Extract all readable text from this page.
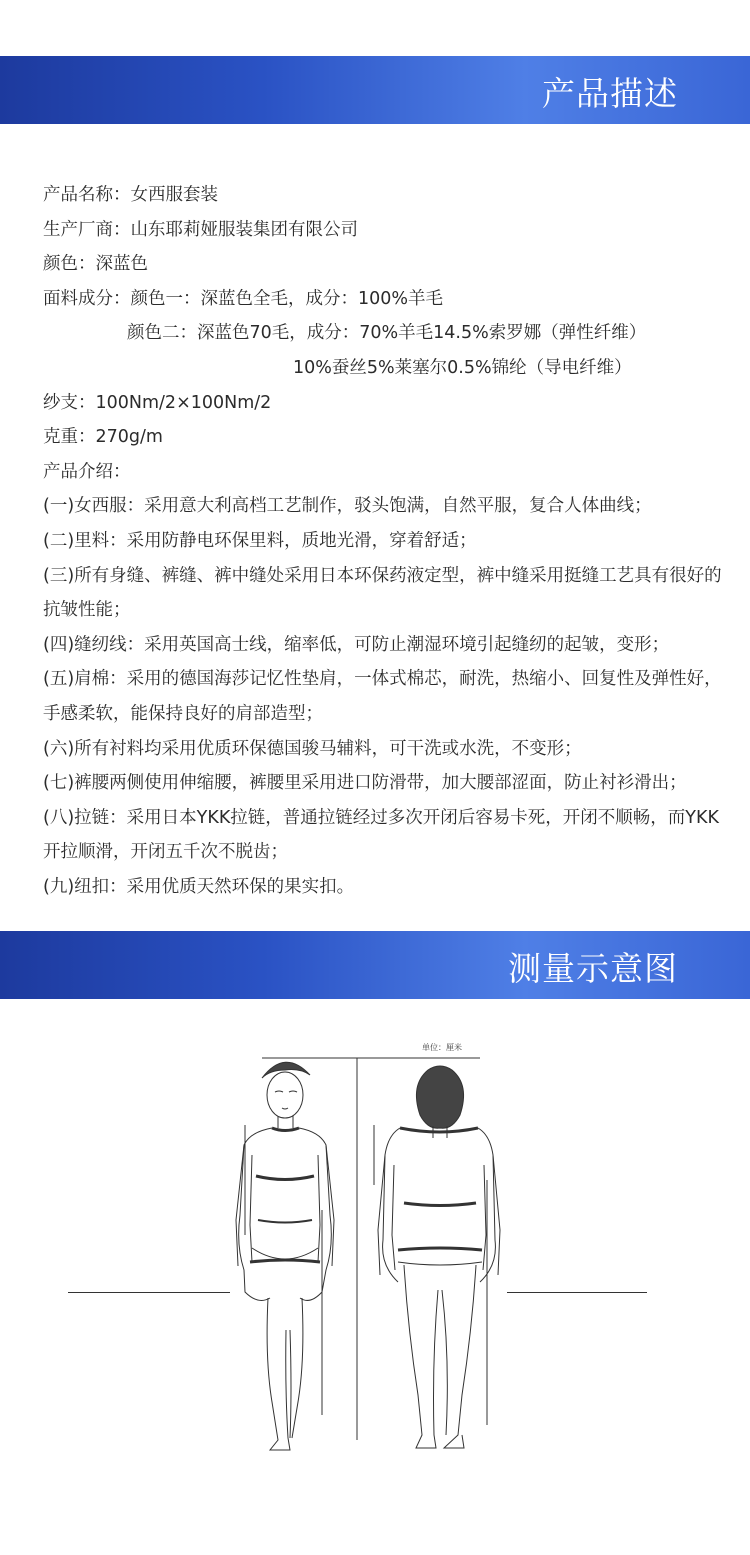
产品描述
产品名称：女西服套装
生产厂商：山东耶莉娅服装集团有限公司
颜色：深蓝色
面料成分：颜色一：深蓝色全毛，成分：100%羊毛
颜色二：深蓝色70毛，成分：70%羊毛14.5%索罗娜（弹性纤维）
10%蚕丝5%莱塞尔0.5%锦纶（导电纤维）
纱支：100Nm/2×100Nm/2
克重：270g/m
产品介绍：
(一)女西服：采用意大利高档工艺制作，驳头饱满，自然平服，复合人体曲线；
(二)里料：采用防静电环保里料，质地光滑，穿着舒适；
(三)所有身缝、裤缝、裤中缝处采用日本环保药液定型，裤中缝采用挺缝工艺具有很好的抗皱性能；
(四)缝纫线：采用英国高士线，缩率低，可防止潮湿环境引起缝纫的起皱，变形；
(五)肩棉：采用的德国海莎记忆性垫肩，一体式棉芯，耐洗，热缩小、回复性及弹性好，手感柔软，能保持良好的肩部造型；
(六)所有衬料均采用优质环保德国骏马辅料，可干洗或水洗，不变形；
(七)裤腰两侧使用伸缩腰，裤腰里采用进口防滑带，加大腰部涩面，防止衬衫滑出；
(八)拉链：采用日本YKK拉链，普通拉链经过多次开闭后容易卡死，开闭不顺畅，而YKK开拉顺滑，开闭五千次不脱齿；
(九)纽扣：采用优质天然环保的果实扣。
测量示意图
单位：厘米
